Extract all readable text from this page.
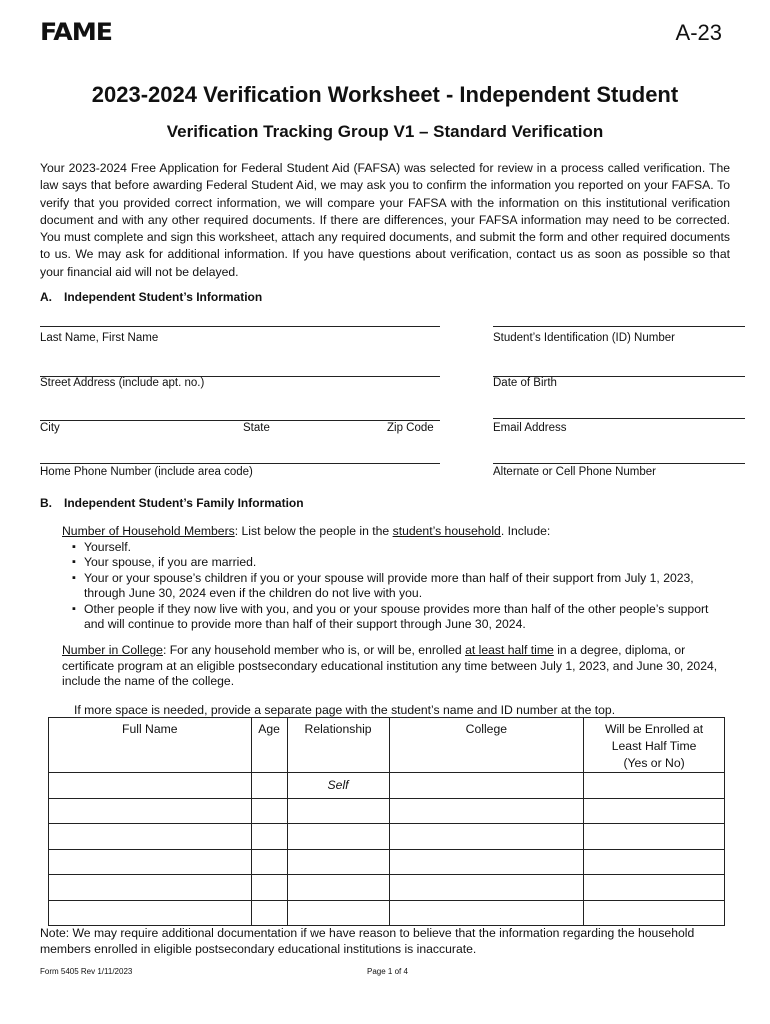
FAME	A-23
2023-2024 Verification Worksheet - Independent Student
Verification Tracking Group V1 – Standard Verification
Your 2023-2024 Free Application for Federal Student Aid (FAFSA) was selected for review in a process called verification. The law says that before awarding Federal Student Aid, we may ask you to confirm the information you reported on your FAFSA. To verify that you provided correct information, we will compare your FAFSA with the information on this institutional verification document and with any other required documents. If there are differences, your FAFSA information may need to be corrected. You must complete and sign this worksheet, attach any required documents, and submit the form and other required documents to us. We may ask for additional information. If you have questions about verification, contact us as soon as possible so that your financial aid will not be delayed.
A. Independent Student’s Information
Last Name, First Name	Student’s Identification (ID) Number
Street Address (include apt. no.)	Date of Birth
City	State	Zip Code	Email Address
Home Phone Number (include area code)	Alternate or Cell Phone Number
B. Independent Student’s Family Information
Number of Household Members: List below the people in the student’s household. Include:
▪ Yourself.
▪ Your spouse, if you are married.
▪ Your or your spouse’s children if you or your spouse will provide more than half of their support from July 1, 2023, through June 30, 2024 even if the children do not live with you.
▪ Other people if they now live with you, and you or your spouse provides more than half of the other people’s support and will continue to provide more than half of their support through June 30, 2024.
Number in College: For any household member who is, or will be, enrolled at least half time in a degree, diploma, or certificate program at an eligible postsecondary educational institution any time between July 1, 2023, and June 30, 2024, include the name of the college.
If more space is needed, provide a separate page with the student’s name and ID number at the top.
Full Name	Age	Relationship	College	Will be Enrolled at
Least Half Time
(Yes or No)
		Self		

Note: We may require additional documentation if we have reason to believe that the information regarding the household members enrolled in eligible postsecondary educational institutions is inaccurate.
Form 5405 Rev 1/11/2023	Page 1 of 4
